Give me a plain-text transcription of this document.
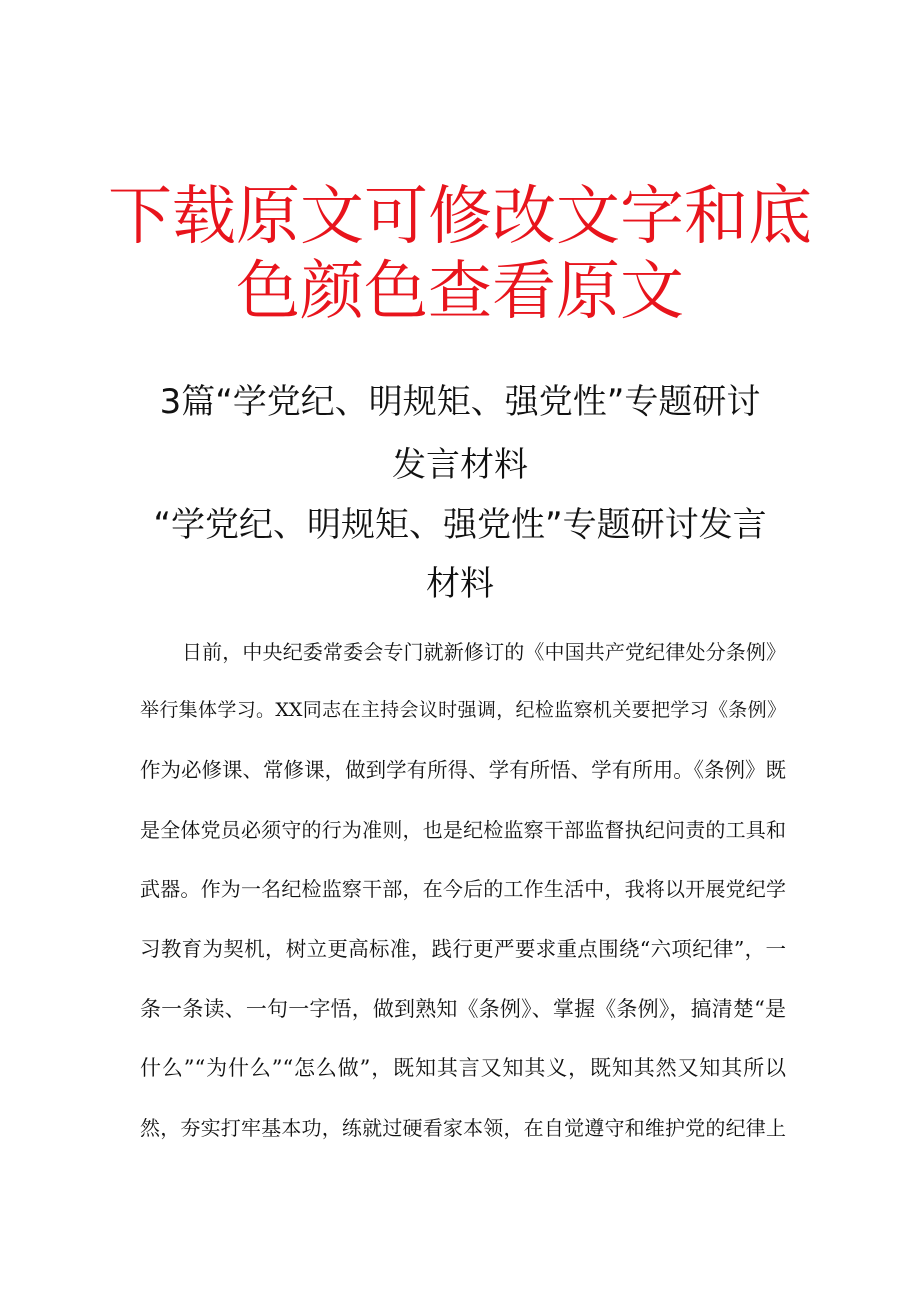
下载原文可修改文字和底
色颜色查看原文
3篇“学党纪、明规矩、强党性”专题研讨
发言材料
“学党纪、明规矩、强党性”专题研讨发言
材料
日前，中央纪委常委会专门就新修订的《中国共产党纪律处分条例》
举行集体学习。XX同志在主持会议时强调，纪检监察机关要把学习《条例》
作为必修课、常修课，做到学有所得、学有所悟、学有所用。《条例》既
是全体党员必须守的行为准则，也是纪检监察干部监督执纪问责的工具和
武器。作为一名纪检监察干部，在今后的工作生活中，我将以开展党纪学
习教育为契机，树立更高标准，践行更严要求重点围绕“六项纪律”，一
条一条读、一句一字悟，做到熟知《条例》、掌握《条例》，搞清楚“是
什么”“为什么”“怎么做”，既知其言又知其义，既知其然又知其所以
然，夯实打牢基本功，练就过硬看家本领，在自觉遵守和维护党的纪律上
